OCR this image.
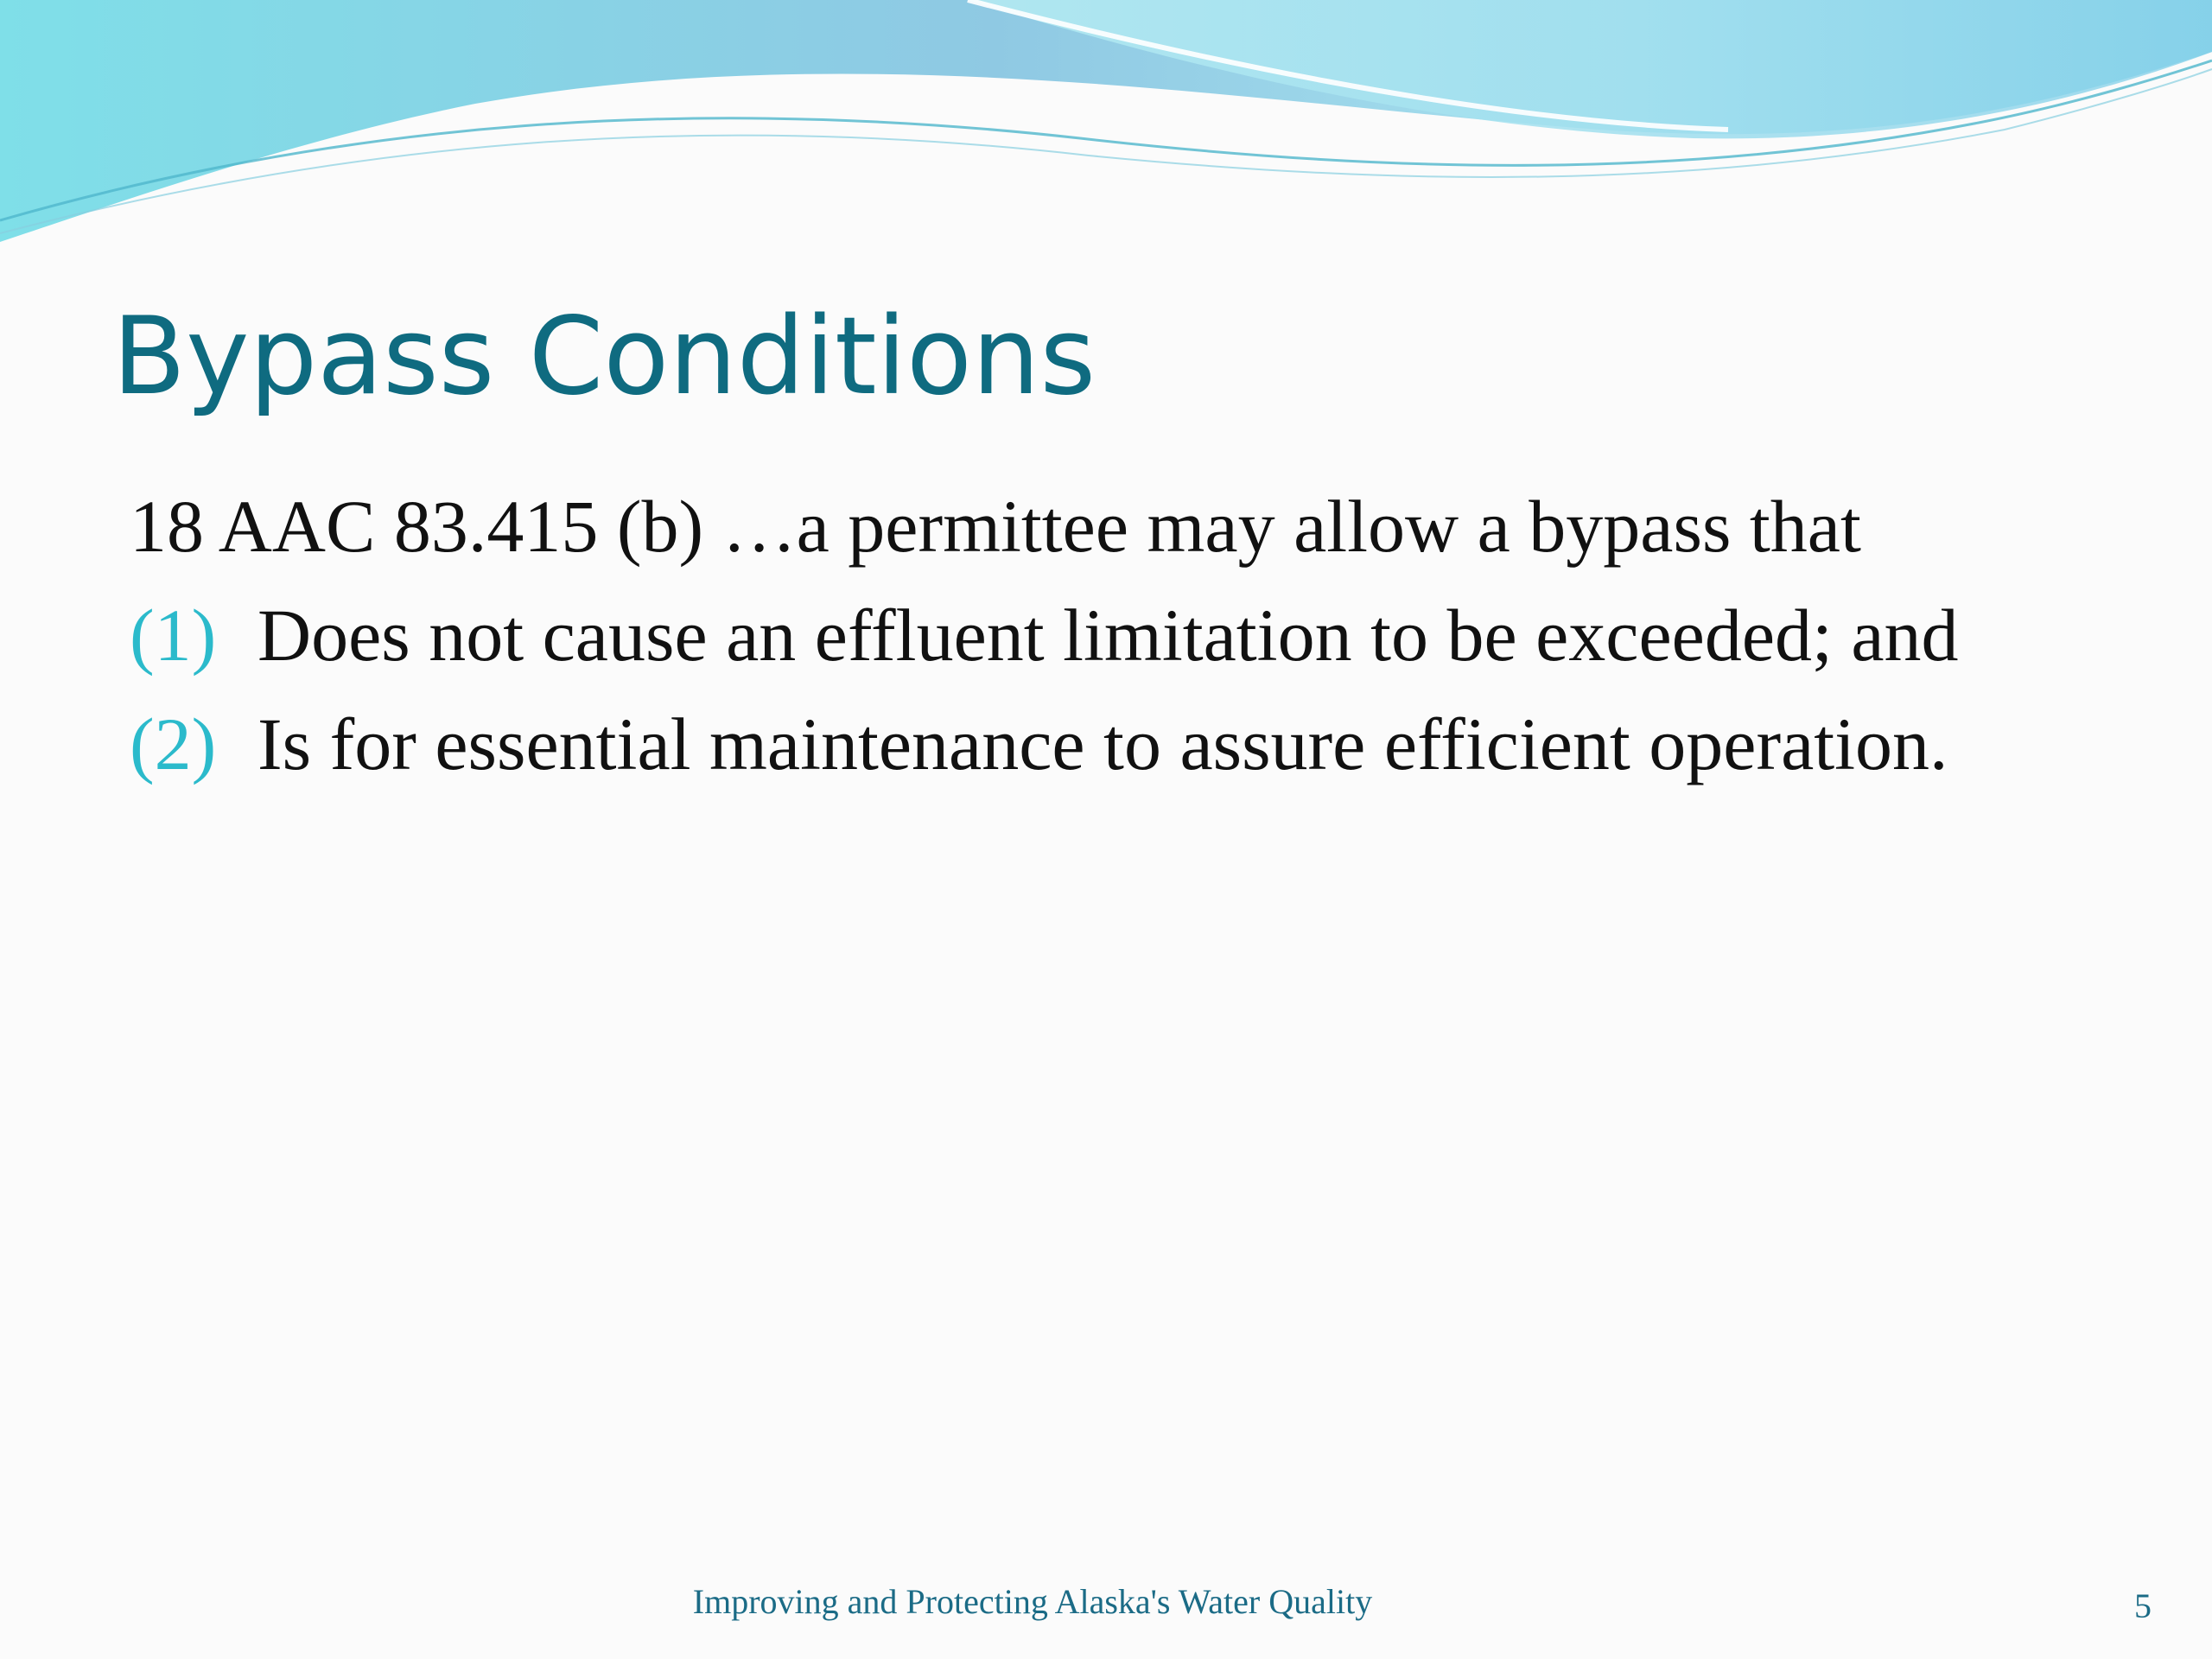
Bypass Conditions

18 AAC 83.415 (b) …a permittee may allow a bypass that

(1) Does not cause an effluent limitation to be exceeded; and
(2) Is for essential maintenance to assure efficient operation.
Improving and Protecting Alaska's Water Quality	5
